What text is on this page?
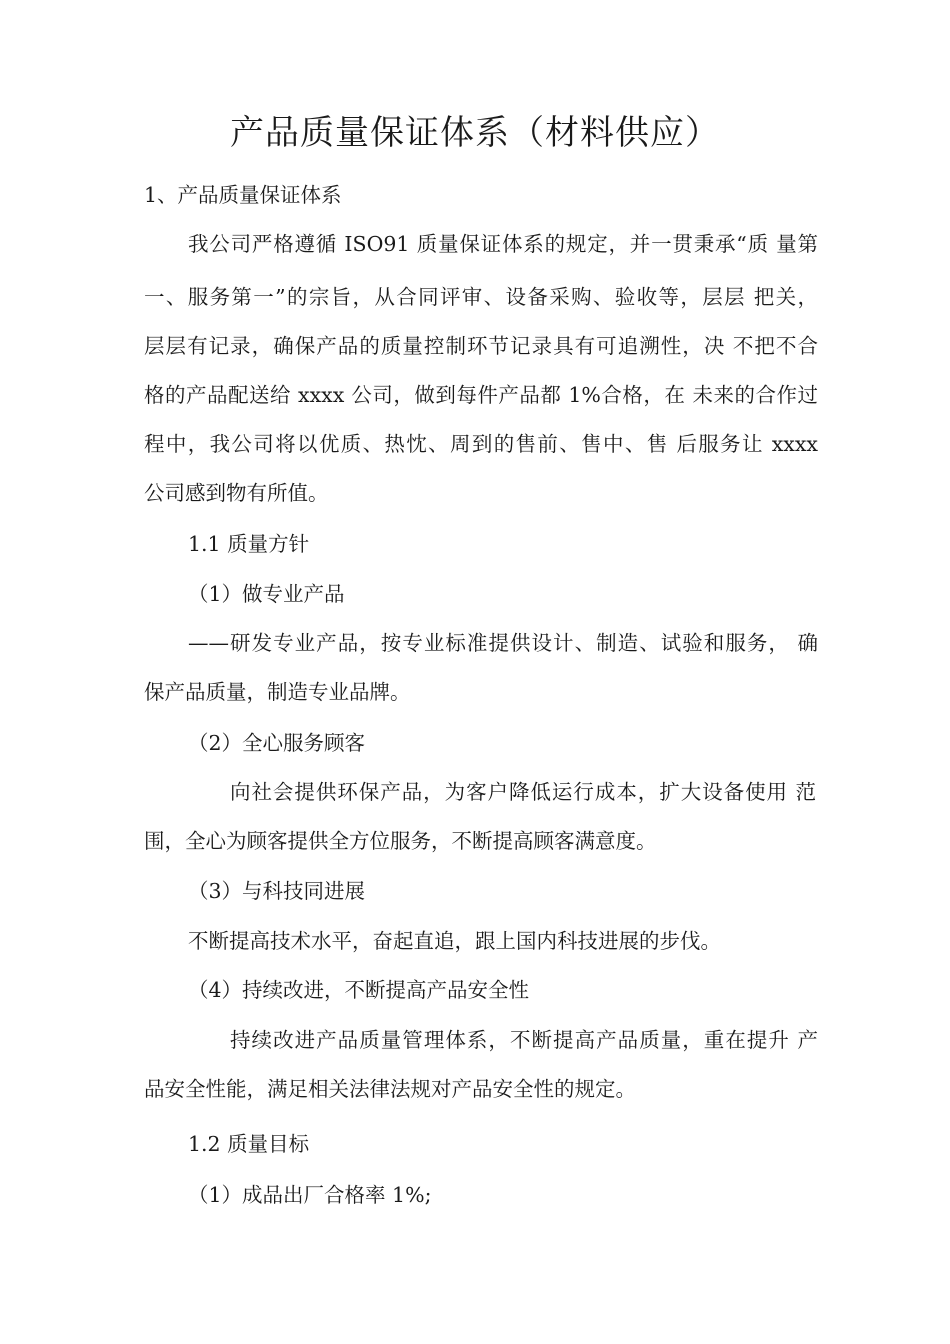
产品质量保证体系（材料供应）
1、产品质量保证体系
我公司严格遵循 ISO91 质量保证体系的规定，并一贯秉承“质 量第
一、服务第一”的宗旨，从合同评审、设备采购、验收等，层层 把关，
层层有记录，确保产品的质量控制环节记录具有可追溯性，决 不把不合
格的产品配送给 xxxx 公司，做到每件产品都 1%合格，在 未来的合作过
程中，我公司将以优质、热忱、周到的售前、售中、售 后服务让 xxxx
公司感到物有所值。
1.1 质量方针
（1）做专业产品
——研发专业产品，按专业标准提供设计、制造、试验和服务， 确
保产品质量，制造专业品牌。
（2）全心服务顾客
向社会提供环保产品，为客户降低运行成本，扩大设备使用 范
围，全心为顾客提供全方位服务，不断提高顾客满意度。
（3）与科技同进展
不断提高技术水平，奋起直追，跟上国内科技进展的步伐。
（4）持续改进，不断提高产品安全性
持续改进产品质量管理体系，不断提高产品质量，重在提升 产
品安全性能，满足相关法律法规对产品安全性的规定。
1.2 质量目标
（1）成品出厂合格率 1%;
